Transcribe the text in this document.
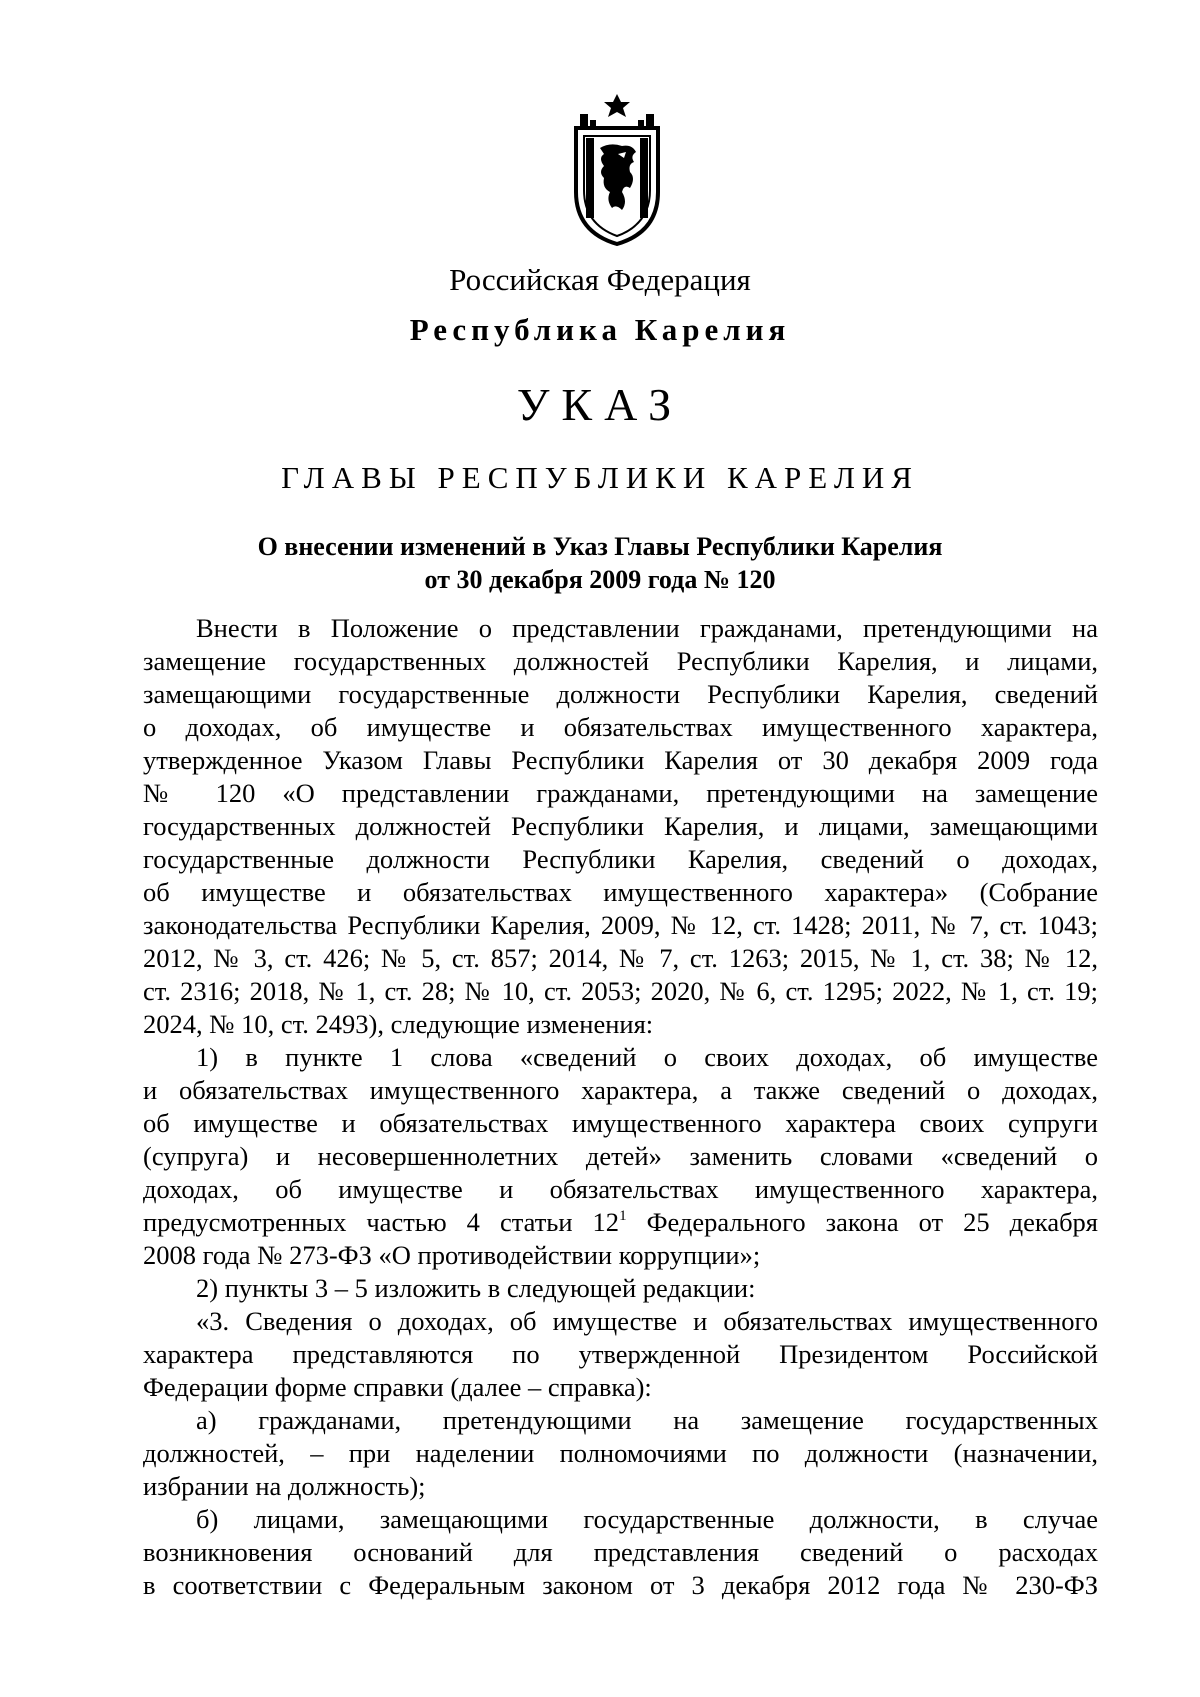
Российская Федерация
Республика Карелия
УКАЗ
ГЛАВЫ РЕСПУБЛИКИ КАРЕЛИЯ
О внесении изменений в Указ Главы Республики Карелия
от 30 декабря 2009 года № 120
Внести в Положение о представлении гражданами, претендующими на
замещение государственных должностей Республики Карелия, и лицами,
замещающими государственные должности Республики Карелия, сведений
о доходах, об имуществе и обязательствах имущественного характера,
утвержденное Указом Главы Республики Карелия от 30 декабря 2009 года
№ 120 «О представлении гражданами, претендующими на замещение
государственных должностей Республики Карелия, и лицами, замещающими
государственные должности Республики Карелия, сведений о доходах,
об имуществе и обязательствах имущественного характера» (Собрание
законодательства Республики Карелия, 2009, № 12, ст. 1428; 2011, № 7, ст. 1043;
2012, № 3, ст. 426; № 5, ст. 857; 2014, № 7, ст. 1263; 2015, № 1, ст. 38; № 12,
ст. 2316; 2018, № 1, ст. 28; № 10, ст. 2053; 2020, № 6, ст. 1295; 2022, № 1, ст. 19;
2024, № 10, ст. 2493), следующие изменения:
1) в пункте 1 слова «сведений о своих доходах, об имуществе
и обязательствах имущественного характера, а также сведений о доходах,
об имуществе и обязательствах имущественного характера своих супруги
(супруга) и несовершеннолетних детей» заменить словами «сведений о
доходах, об имуществе и обязательствах имущественного характера,
предусмотренных частью 4 статьи $12^1$ Федерального закона от 25 декабря
2008 года № 273-ФЗ «О противодействии коррупции»;
2) пункты 3 – 5 изложить в следующей редакции:
«3. Сведения о доходах, об имуществе и обязательствах имущественного
характера представляются по утвержденной Президентом Российской
Федерации форме справки (далее – справка):
а) гражданами, претендующими на замещение государственных
должностей, – при наделении полномочиями по должности (назначении,
избрании на должность);
б) лицами, замещающими государственные должности, в случае
возникновения оснований для представления сведений о расходах
в соответствии с Федеральным законом от 3 декабря 2012 года № 230-ФЗ
